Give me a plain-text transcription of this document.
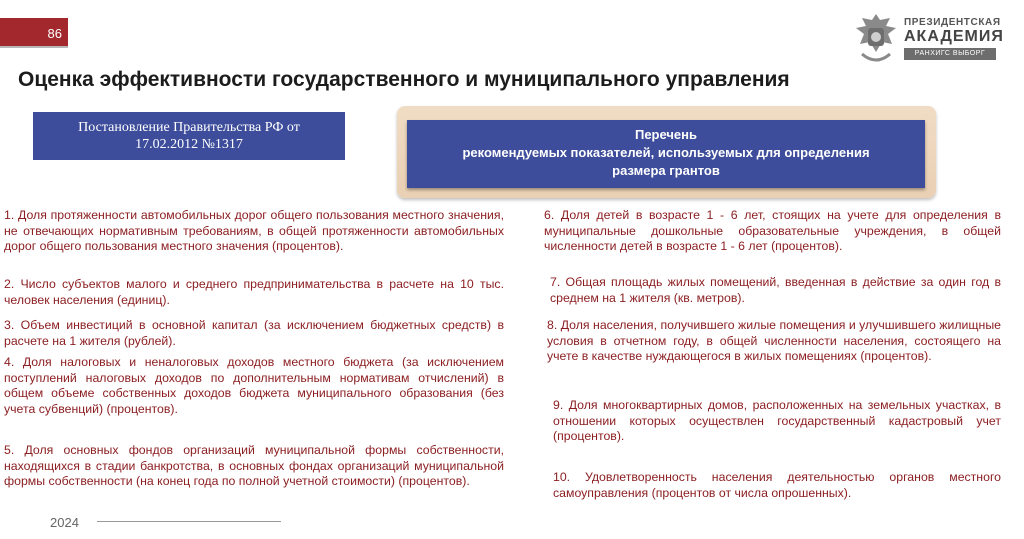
86
ПРЕЗИДЕНТСКАЯ
АКАДЕМИЯ
РАНХИГС ВЫБОРГ
Оценка эффективности государственного и муниципального управления
Постановление Правительства РФ от
17.02.2012 №1317
Перечень
рекомендуемых показателей, используемых для определения
размера грантов
1. Доля протяженности автомобильных дорог общего пользования местного значения, не отвечающих нормативным требованиям, в общей протяженности автомобильных дорог общего пользования местного значения (процентов).
2. Число субъектов малого и среднего предпринимательства в расчете на 10 тыс. человек населения (единиц).
3. Объем инвестиций в основной капитал (за исключением бюджетных средств) в расчете на 1 жителя (рублей).
4. Доля налоговых и неналоговых доходов местного бюджета (за исключением поступлений налоговых доходов по дополнительным нормативам отчислений) в общем объеме собственных доходов бюджета муниципального образования (без учета субвенций) (процентов).
5. Доля основных фондов организаций муниципальной формы собственности, находящихся в стадии банкротства, в основных фондах организаций муниципальной формы собственности (на конец года по полной учетной стоимости) (процентов).
6. Доля детей в возрасте 1 - 6 лет, стоящих на учете для определения в муниципальные дошкольные образовательные учреждения, в общей численности детей в возрасте 1 - 6 лет (процентов).
7. Общая площадь жилых помещений, введенная в действие за один год в среднем на 1 жителя (кв. метров).
8. Доля населения, получившего жилые помещения и улучшившего жилищные условия в отчетном году, в общей численности населения, состоящего на учете в качестве нуждающегося в жилых помещениях (процентов).
9. Доля многоквартирных домов, расположенных на земельных участках, в отношении которых осуществлен государственный кадастровый учет (процентов).
10. Удовлетворенность населения деятельностью органов местного самоуправления (процентов от числа опрошенных).
2024
